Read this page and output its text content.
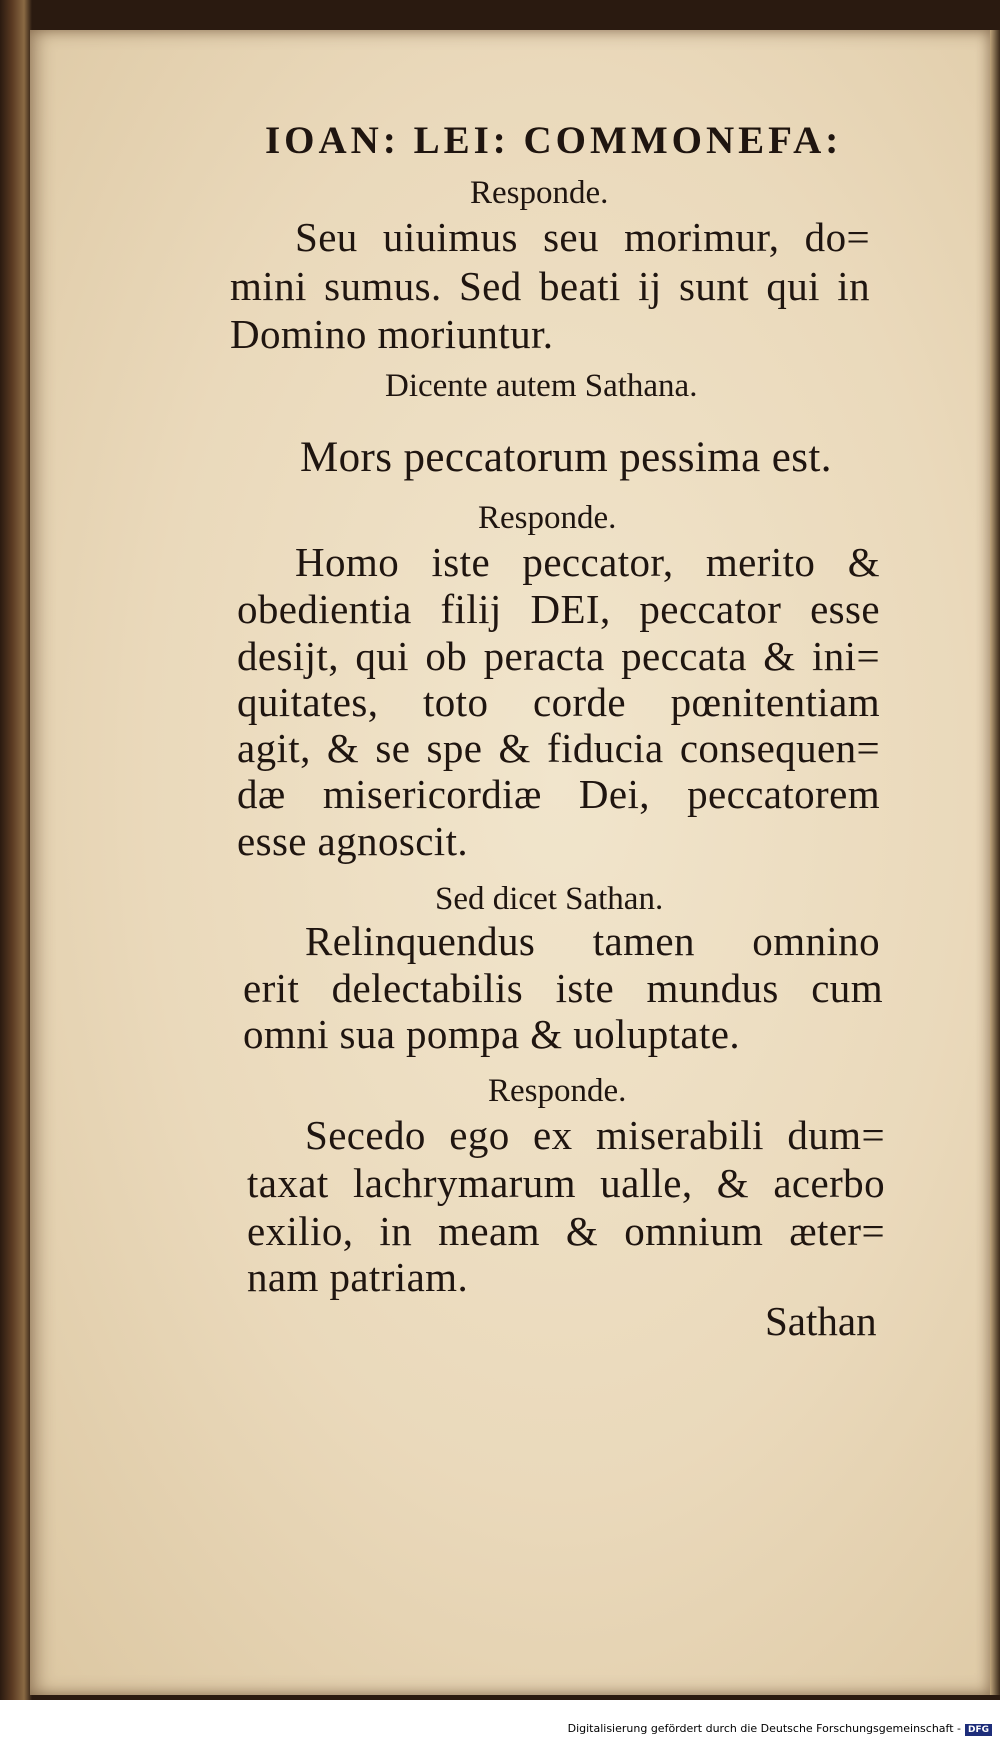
IOAN: LEI: COMMONEFA:
Responde.
Seu uiuimus seu morimur, do=
mini sumus. Sed beati ij sunt qui in
Domino moriuntur.
Dicente autem Sathana.
Mors peccatorum pessima est.
Responde.
Homo iste peccator, merito &
obedientia filij DEI, peccator esse
desijt, qui ob peracta peccata & ini=
quitates, toto corde pœnitentiam
agit, & se spe & fiducia consequen=
dæ misericordiæ Dei, peccatorem
esse agnoscit.
Sed dicet Sathan.
Relinquendus tamen omnino
erit delectabilis iste mundus cum
omni sua pompa & uoluptate.
Responde.
Secedo ego ex miserabili dum=
taxat lachrymarum ualle, & acerbo
exilio, in meam & omnium æter=
nam patriam.
Sathan
Digitalisierung gefördert durch die Deutsche Forschungsgemeinschaft - DFG
